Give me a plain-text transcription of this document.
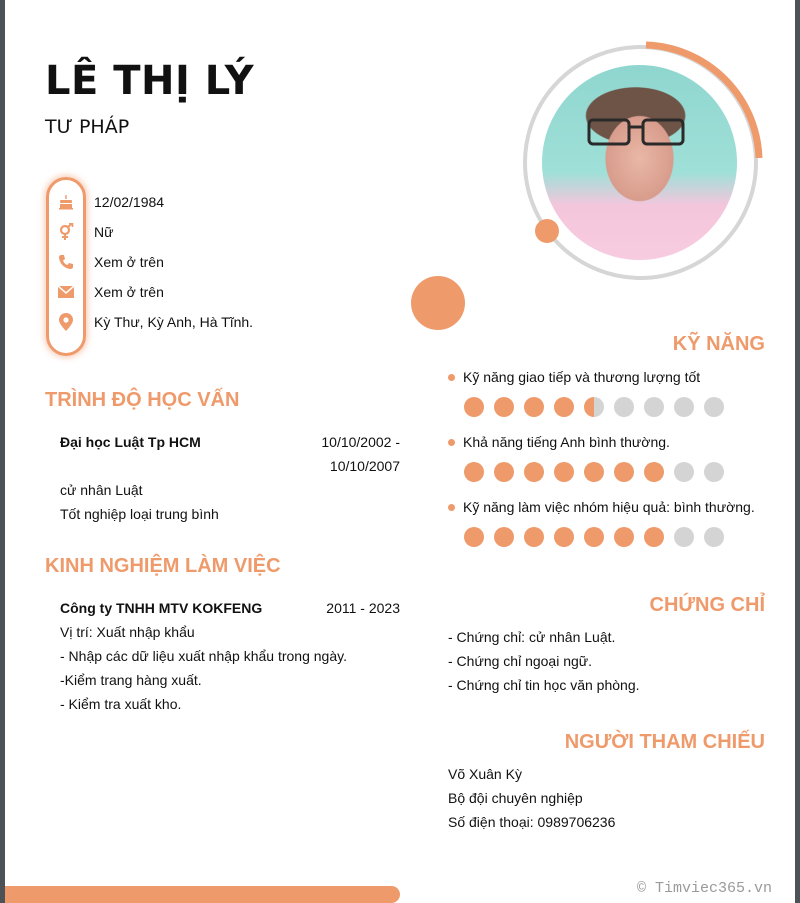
LÊ THỊ LÝ
TƯ PHÁP
12/02/1984
Nữ
Xem ở trên
Xem ở trên
Kỳ Thư, Kỳ Anh, Hà Tĩnh.
TRÌNH ĐỘ HỌC VẤN
Đại học Luật Tp HCM	10/10/2002 -
10/10/2007
cử nhân Luật
Tốt nghiệp loại trung bình
KINH NGHIỆM LÀM VIỆC
Công ty TNHH MTV KOKFENG	2011 - 2023
Vị trí: Xuất nhập khẩu
- Nhập các dữ liệu xuất nhập khẩu trong ngày.
-Kiểm trang hàng xuất.
- Kiểm tra xuất kho.
KỸ NĂNG
Kỹ năng giao tiếp và thương lượng tốt
Khả năng tiếng Anh bình thường.
Kỹ năng làm việc nhóm hiệu quả: bình thường.
CHỨNG CHỈ
- Chứng chỉ: cử nhân Luật.
- Chứng chỉ ngoại ngữ.
- Chứng chỉ tin học văn phòng.
NGƯỜI THAM CHIẾU
Võ Xuân Kỳ
Bộ đội chuyên nghiệp
Số điện thoại: 0989706236
© Timviec365.vn
